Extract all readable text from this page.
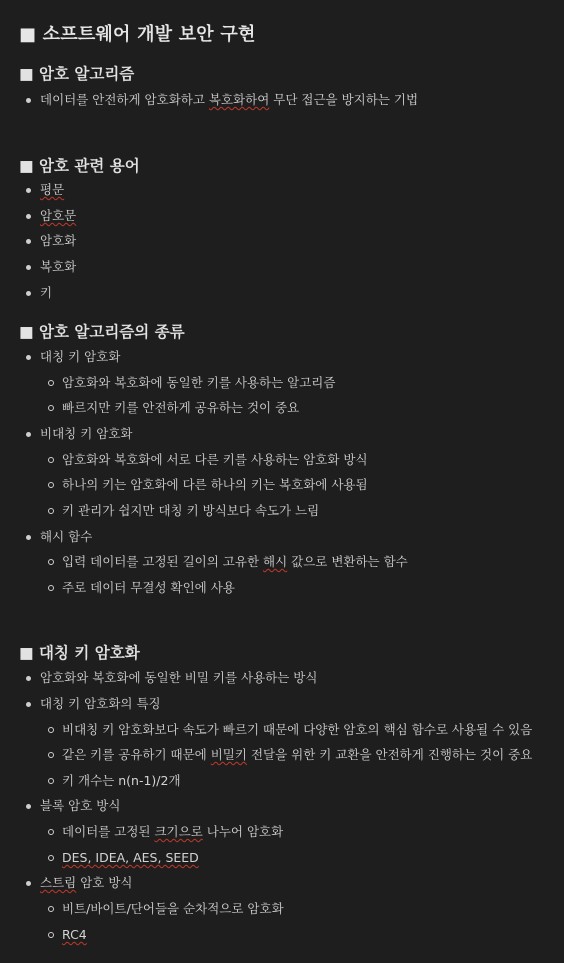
■ 소프트웨어 개발 보안 구현
■ 암호 알고리즘
데이터를 안전하게 암호화하고 복호화하여 무단 접근을 방지하는 기법
■ 암호 관련 용어
평문
암호문
암호화
복호화
키
■ 암호 알고리즘의 종류
대칭 키 암호화
암호화와 복호화에 동일한 키를 사용하는 알고리즘
빠르지만 키를 안전하게 공유하는 것이 중요
비대칭 키 암호화
암호화와 복호화에 서로 다른 키를 사용하는 암호화 방식
하나의 키는 암호화에 다른 하나의 키는 복호화에 사용됨
키 관리가 쉽지만 대칭 키 방식보다 속도가 느림
해시 함수
입력 데이터를 고정된 길이의 고유한 해시 값으로 변환하는 함수
주로 데이터 무결성 확인에 사용
■ 대칭 키 암호화
암호화와 복호화에 동일한 비밀 키를 사용하는 방식
대칭 키 암호화의 특징
비대칭 키 암호화보다 속도가 빠르기 때문에 다양한 암호의 핵심 함수로 사용될 수 있음
같은 키를 공유하기 때문에 비밀키 전달을 위한 키 교환을 안전하게 진행하는 것이 중요
키 개수는 n(n-1)/2개
블록 암호 방식
데이터를 고정된 크기으로 나누어 암호화
DES, IDEA, AES, SEED
스트림 암호 방식
비트/바이트/단어들을 순차적으로 암호화
RC4
